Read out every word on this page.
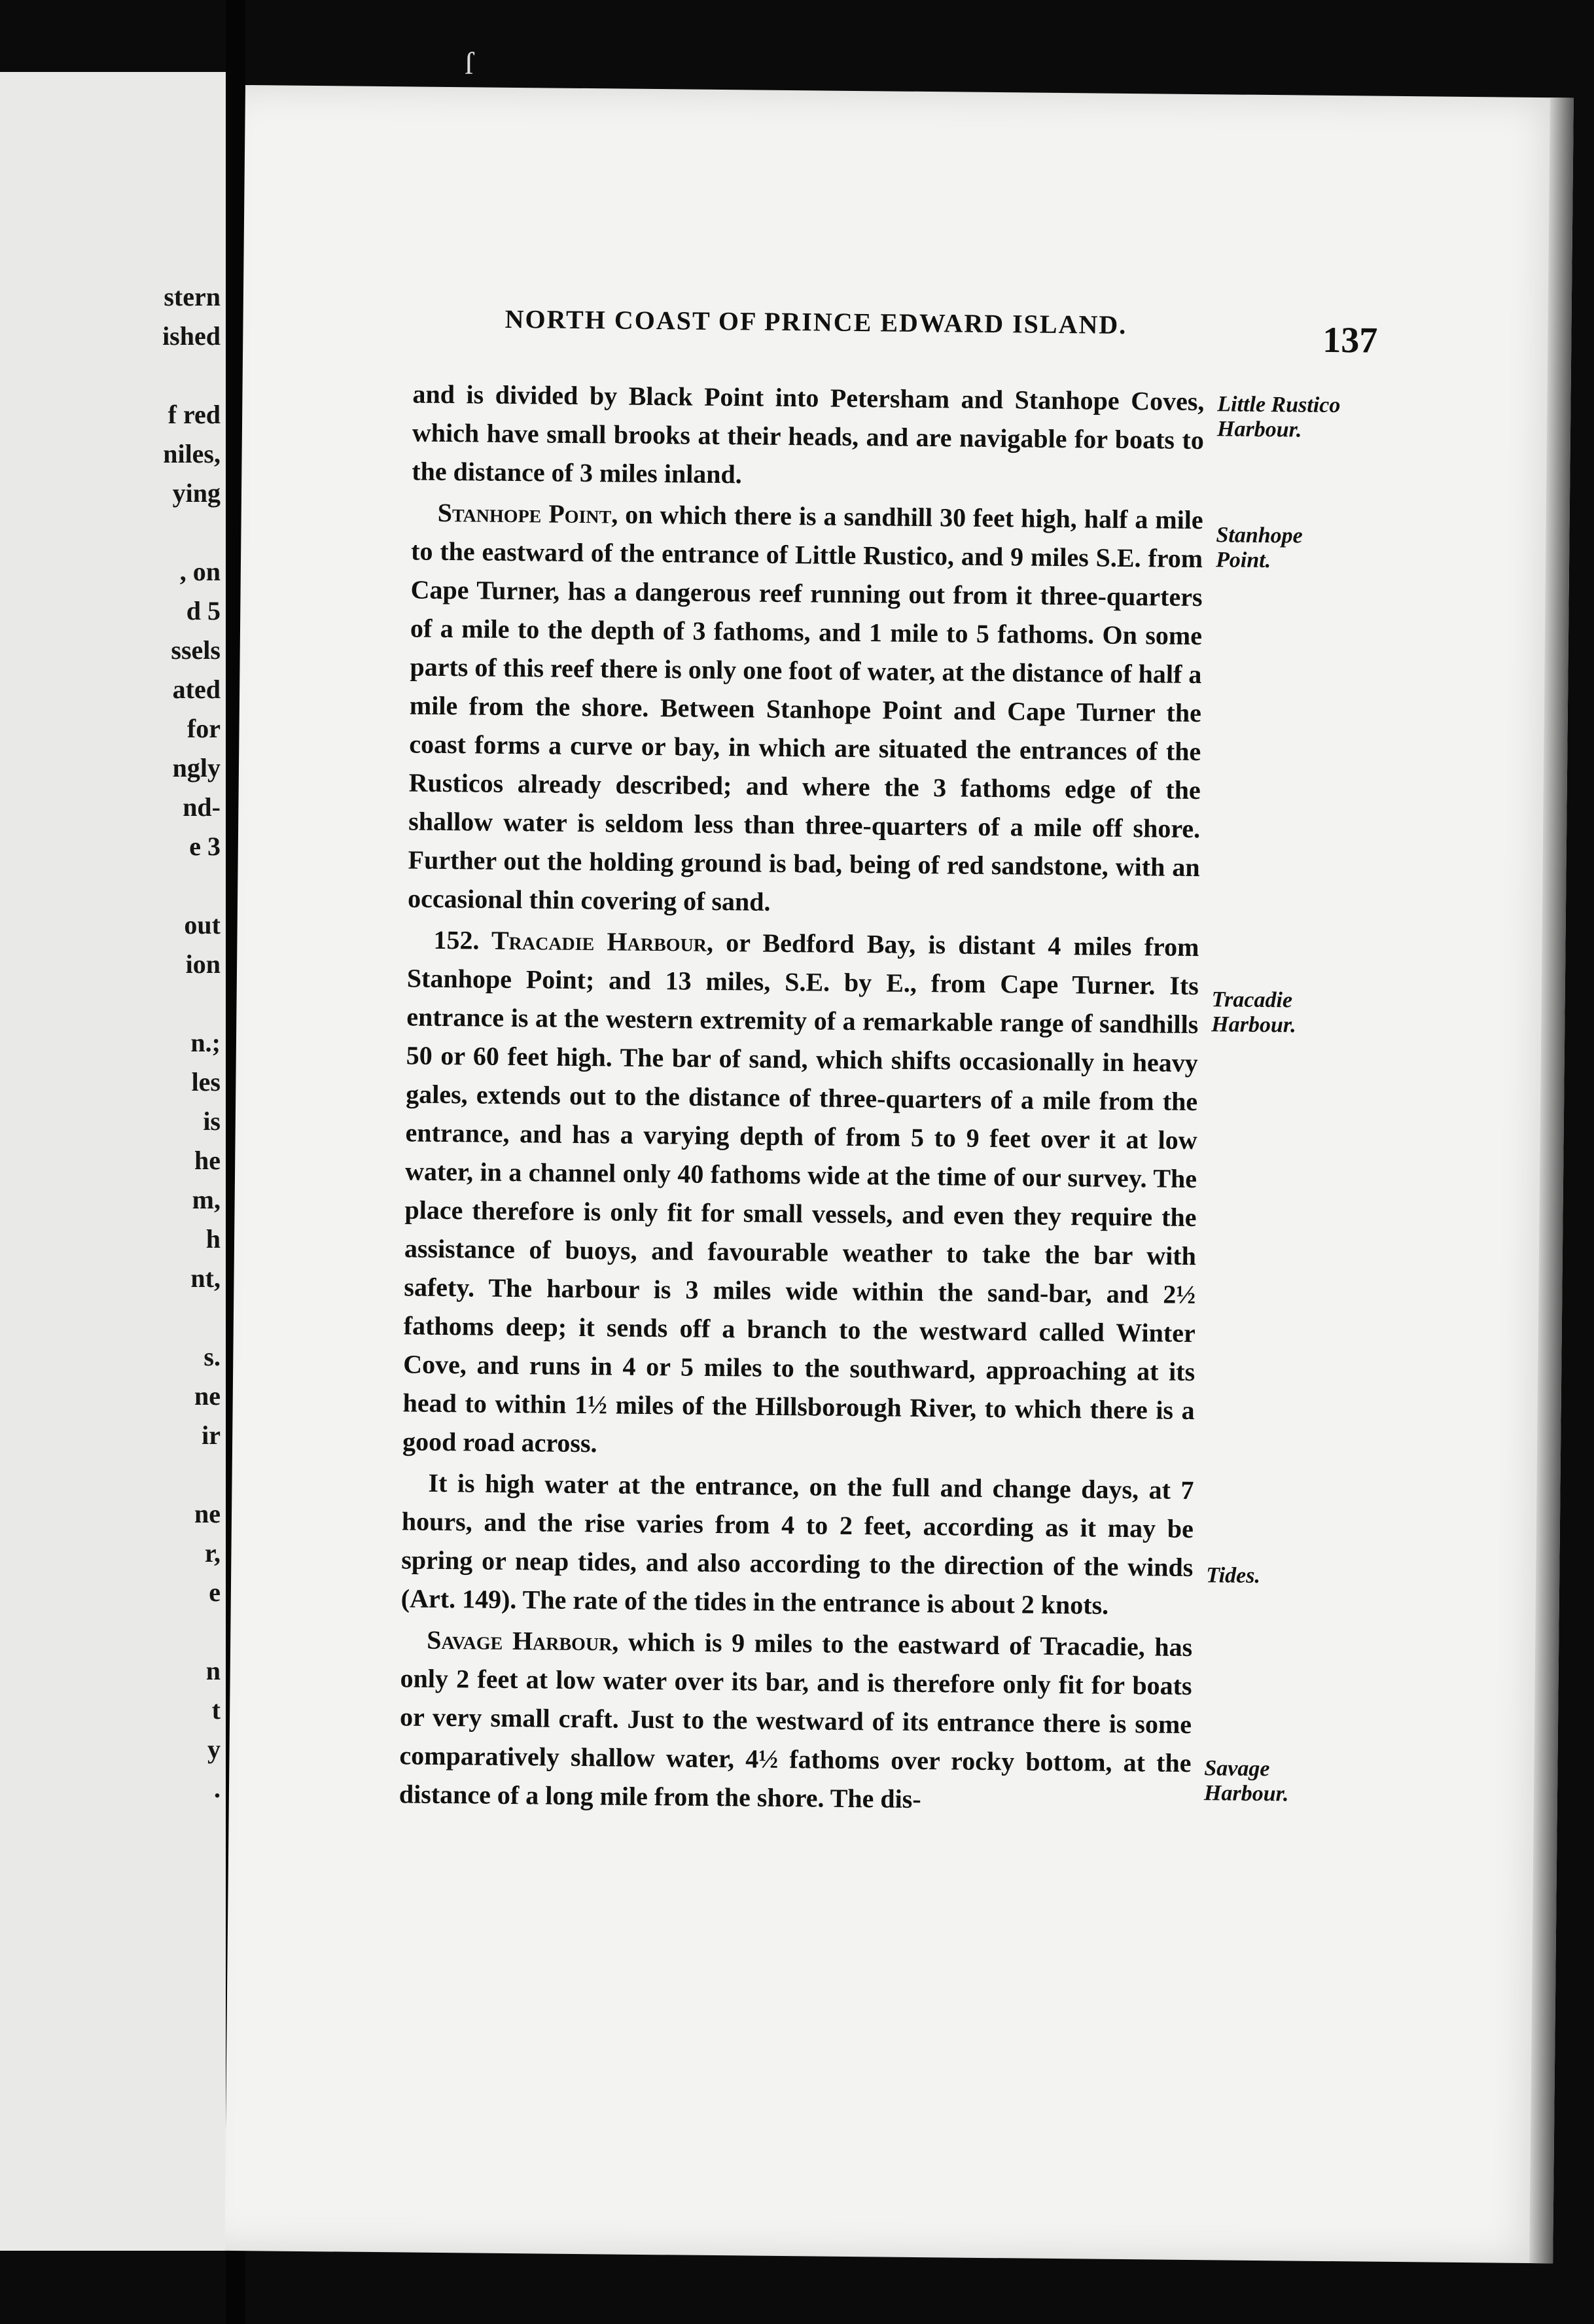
ſ
stern
ished
f red
niles,
ying
, on
d 5
ssels
ated
for
ngly
nd-
e 3
out
ion
n.;
les
is
he
m,
h
nt,
s.
ne
ir
ne
r,
e
n
t
y
.
NORTH COAST OF PRINCE EDWARD ISLAND.	137

and is divided by Black Point into Petersham and Stanhope Coves, which have small brooks at their heads, and are navigable for boats to the distance of 3 miles inland.

Stanhope Point, on which there is a sandhill 30 feet high, half a mile to the eastward of the entrance of Little Rustico, and 9 miles S.E. from Cape Turner, has a dangerous reef running out from it three-quarters of a mile to the depth of 3 fathoms, and 1 mile to 5 fathoms. On some parts of this reef there is only one foot of water, at the distance of half a mile from the shore. Between Stanhope Point and Cape Turner the coast forms a curve or bay, in which are situated the entrances of the Rusticos already described; and where the 3 fathoms edge of the shallow water is seldom less than three-quarters of a mile off shore. Further out the holding ground is bad, being of red sandstone, with an occasional thin covering of sand.

152. Tracadie Harbour, or Bedford Bay, is distant 4 miles from Stanhope Point; and 13 miles, S.E. by E., from Cape Turner. Its entrance is at the western extremity of a remarkable range of sandhills 50 or 60 feet high. The bar of sand, which shifts occasionally in heavy gales, extends out to the distance of three-quarters of a mile from the entrance, and has a varying depth of from 5 to 9 feet over it at low water, in a channel only 40 fathoms wide at the time of our survey. The place therefore is only fit for small vessels, and even they require the assistance of buoys, and favourable weather to take the bar with safety. The harbour is 3 miles wide within the sand-bar, and 2½ fathoms deep; it sends off a branch to the westward called Winter Cove, and runs in 4 or 5 miles to the southward, approaching at its head to within 1½ miles of the Hillsborough River, to which there is a good road across.

It is high water at the entrance, on the full and change days, at 7 hours, and the rise varies from 4 to 2 feet, according as it may be spring or neap tides, and also according to the direction of the winds (Art. 149). The rate of the tides in the entrance is about 2 knots.

Savage Harbour, which is 9 miles to the eastward of Tracadie, has only 2 feet at low water over its bar, and is therefore only fit for boats or very small craft. Just to the westward of its entrance there is some comparatively shallow water, 4½ fathoms over rocky bottom, at the distance of a long mile from the shore. The dis-

Little Rustico
Harbour.
Stanhope
Point.
Tracadie
Harbour.
Tides.
Savage
Harbour.
